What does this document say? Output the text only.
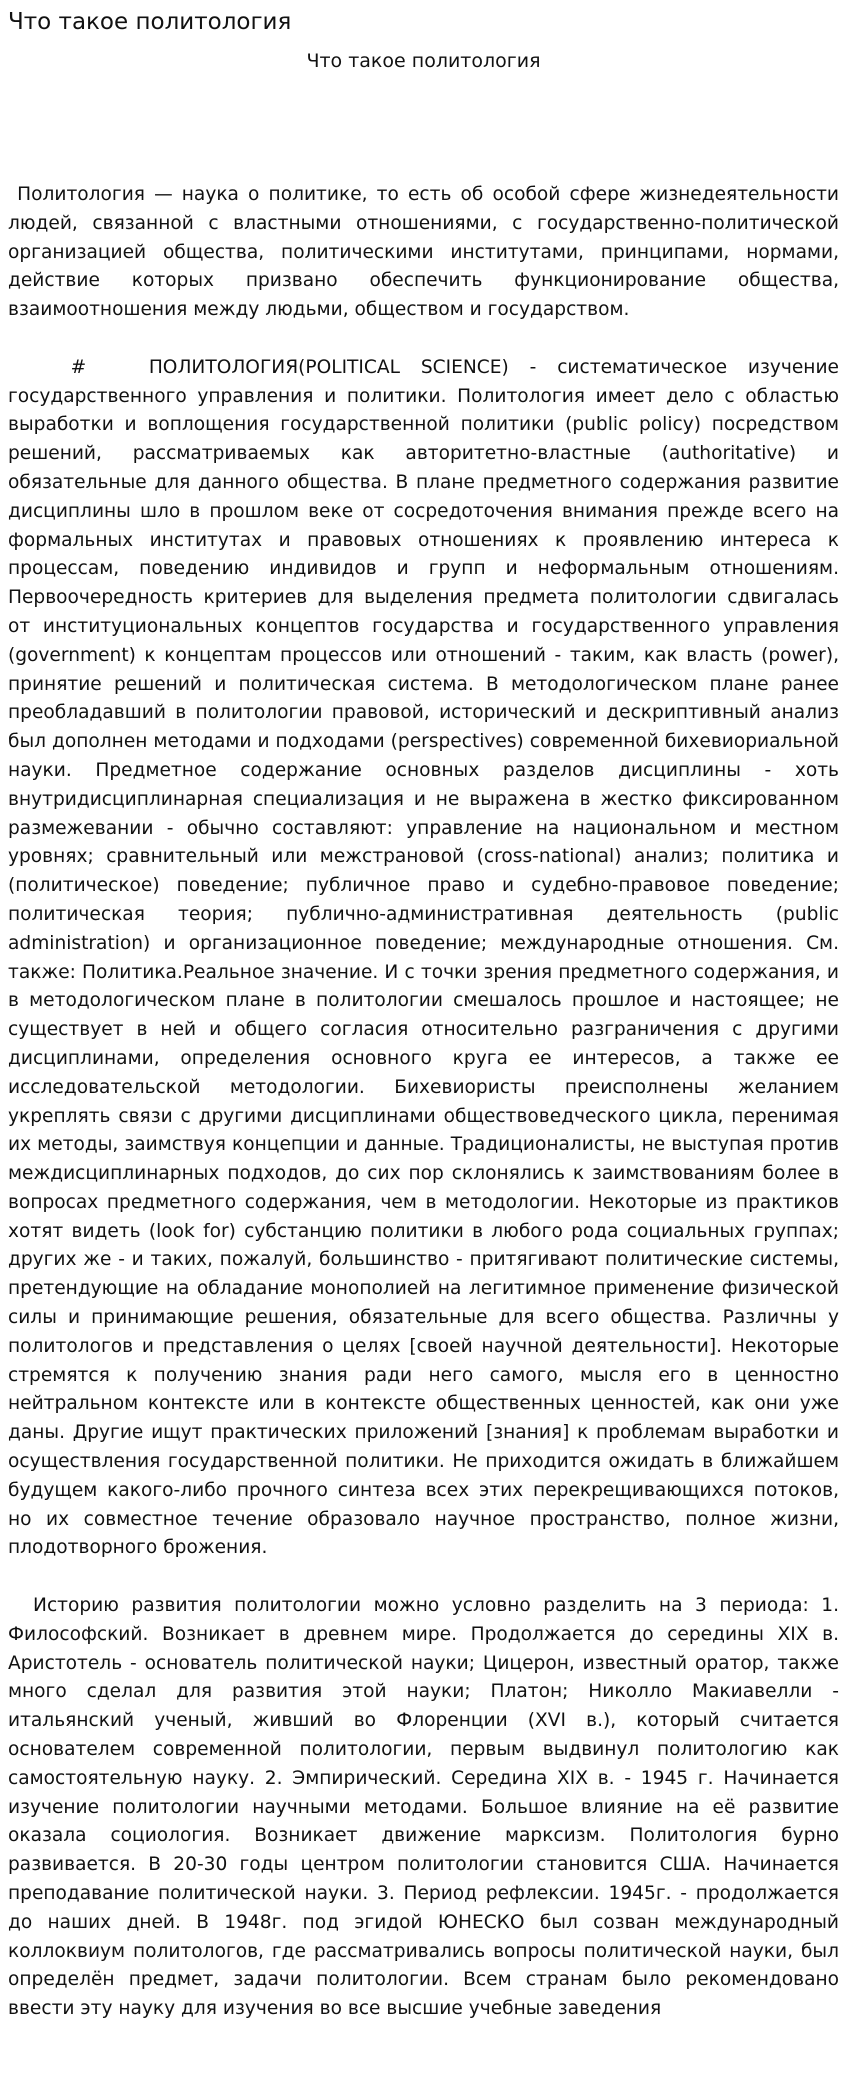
Что такое политология
Что такое политология

Политология — наука о политике, то есть об особой сфере жизнедеятельности людей, связанной с властными отношениями, с государственно-политической организацией общества, политическими институтами, принципами, нормами, действие которых призвано обеспечить функционирование общества, взаимоотношения между людьми, обществом и государством.

#   ПОЛИТОЛОГИЯ(POLITICAL SCIENCE) - систематическое изучение государственного управления и политики. Политология имеет дело с областью выработки и воплощения государственной политики (public policy) посредством решений, рассматриваемых как авторитетно-властные (authoritative) и обязательные для данного общества. В плане предметного содержания развитие дисциплины шло в прошлом веке от сосредоточения внимания прежде всего на формальных институтах и правовых отношениях к проявлению интереса к процессам, поведению индивидов и групп и неформальным отношениям. Первоочередность критериев для выделения предмета политологии сдвигалась от институциональных концептов государства и государственного управления (government) к концептам процессов или отношений - таким, как власть (power), принятие решений и политическая система. В методологическом плане ранее преобладавший в политологии правовой, исторический и дескриптивный анализ был дополнен методами и подходами (perspectives) современной бихевиориальной науки. Предметное содержание основных разделов дисциплины - хоть внутридисциплинарная специализация и не выражена в жестко фиксированном размежевании - обычно составляют: управление на национальном и местном уровнях; сравнительный или межстрановой (cross-national) анализ; политика и (политическое) поведение; публичное право и судебно-правовое поведение; политическая теория; публично-административная деятельность (public administration) и организационное поведение; международные отношения. См. также: Политика.Реальное значение. И с точки зрения предметного содержания, и в методологическом плане в политологии смешалось прошлое и настоящее; не существует в ней и общего согласия относительно разграничения с другими дисциплинами, определения основного круга ее интересов, а также ее исследовательской методологии. Бихевиористы преисполнены желанием укреплять связи с другими дисциплинами обществоведческого цикла, перенимая их методы, заимствуя концепции и данные. Традиционалисты, не выступая против междисциплинарных подходов, до сих пор склонялись к заимствованиям более в вопросах предметного содержания, чем в методологии. Некоторые из практиков хотят видеть (look for) субстанцию политики в любого рода социальных группах; других же - и таких, пожалуй, большинство - притягивают политические системы, претендующие на обладание монополией на легитимное применение физической силы и принимающие решения, обязательные для всего общества. Различны у политологов и представления о целях [своей научной деятельности]. Некоторые стремятся к получению знания ради него самого, мысля его в ценностно нейтральном контексте или в контексте общественных ценностей, как они уже даны. Другие ищут практических приложений [знания] к проблемам выработки и осуществления государственной политики. Не приходится ожидать в ближайшем будущем какого-либо прочного синтеза всех этих перекрещивающихся потоков, но их совместное течение образовало научное пространство, полное жизни, плодотворного брожения.

Историю развития политологии можно условно разделить на 3 периода: 1. Философский. Возникает в древнем мире. Продолжается до середины XIX в. Аристотель - основатель политической науки; Цицерон, известный оратор, также много сделал для развития этой науки; Платон; Николло Макиавелли - итальянский ученый, живший во Флоренции (XVI в.), который считается основателем современной политологии, первым выдвинул политологию как самостоятельную науку. 2. Эмпирический. Середина XIX в. - 1945 г. Начинается изучение политологии научными методами. Большое влияние на её развитие оказала социология. Возникает движение марксизм. Политология бурно развивается. В 20-30 годы центром политологии становится США. Начинается преподавание политической науки. 3. Период рефлексии. 1945г. - продолжается до наших дней. В 1948г. под эгидой ЮНЕСКО был созван международный коллоквиум политологов, где рассматривались вопросы политической науки, был определён предмет, задачи политологии. Всем странам было рекомендовано ввести эту науку для изучения во все высшие учебные заведения
